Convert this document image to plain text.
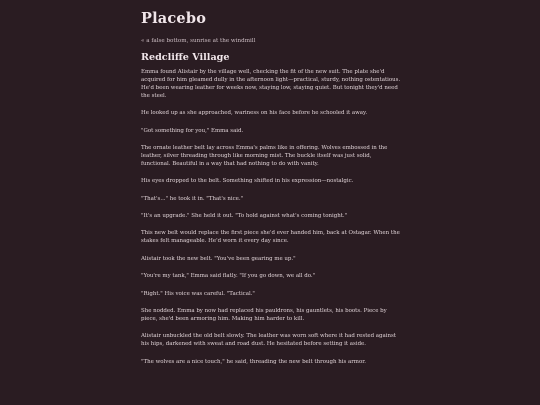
Placebo
« a false bottom, sunrise at the windmill
Redcliffe Village

Emma found Alistair by the village well, checking the fit of the new suit. The plate she'd acquired for him gleamed dully in the afternoon light—practical, sturdy, nothing ostentatious. He'd been wearing leather for weeks now, staying low, staying quiet. But tonight they'd need the steel.

He looked up as she approached, wariness on his face before he schooled it away.

"Got something for you," Emma said.

The ornate leather belt lay across Emma's palms like in offering. Wolves embossed in the leather, silver threading through like morning mist. The buckle itself was just solid, functional. Beautiful in a way that had nothing to do with vanity.

His eyes dropped to the belt. Something shifted in his expression—nostalgic.

"That's..." he took it in. "That's nice."

"It's an upgrade." She held it out. "To hold against what's coming tonight."

This new belt would replace the first piece she'd ever handed him, back at Ostagar. When the stakes felt manageable. He'd worn it every day since.

Alistair took the new belt. "You've been gearing me up."

"You're my tank," Emma said flatly. "If you go down, we all do."

"Right." His voice was careful. "Tactical."

She nodded. Emma by now had replaced his pauldrons, his gauntlets, his boots. Piece by piece, she'd been armoring him. Making him harder to kill.

Alistair unbuckled the old belt slowly. The leather was worn soft where it had rested against his hips, darkened with sweat and road dust. He hesitated before setting it aside.

"The wolves are a nice touch," he said, threading the new belt through his armor.
